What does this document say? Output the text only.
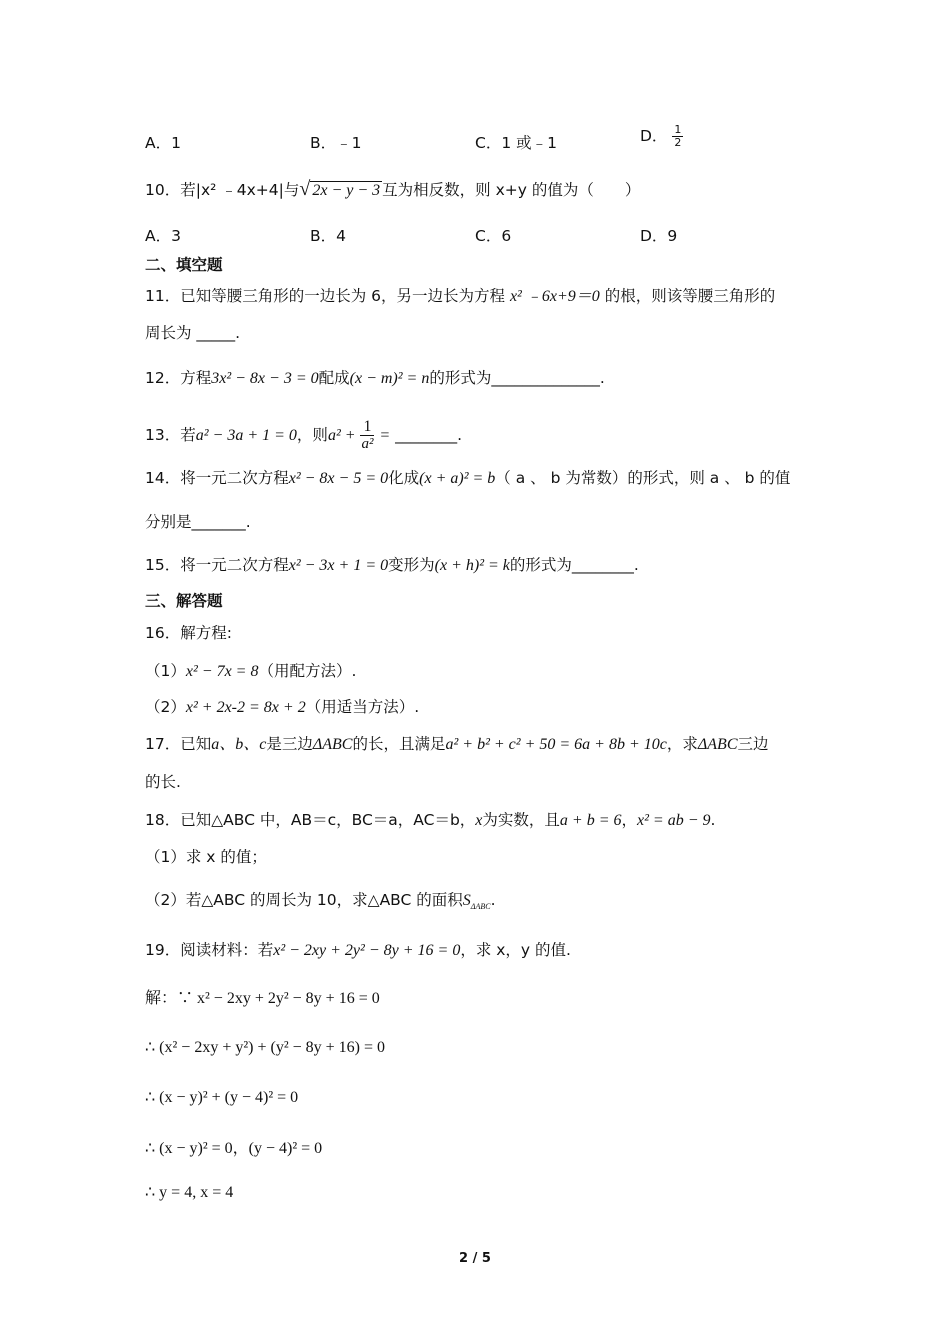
A．1	B．﹣1	C．1 或﹣1	D． $\frac{1}{2}$
10．若|x² ﹣4x+4|与√ 2x − y − 3 互为相反数，则 x+y 的值为（　　）
A．3	B．4	C．6	D．9
二、填空题
11．已知等腰三角形的一边长为 6，另一边长为方程 x² ﹣6x+9＝0 的根，则该等腰三角形的
周长为 _____.
12．方程3x² − 8x − 3 = 0配成(x − m)² = n的形式为______________.
13．若a² − 3a + 1 = 0，则$a^2 + \frac{1}{\text{a²}}$ = ________.
14．将一元二次方程x² − 8x − 5 = 0化成(x + a)² = b（ a 、 b 为常数）的形式，则 a 、 b 的值
分别是_______.
15．将一元二次方程x² − 3x + 1 = 0变形为(x + h)² = k的形式为________.
三、解答题
16．解方程:
（1）x² − 7x = 8（用配方法）.
（2）x² + 2x-2 = 8x + 2（用适当方法）.
17．已知a、b、c是三边ΔABC的长，且满足a² + b² + c² + 50 = 6a + 8b + 10c，求ΔABC三边
的长.
18．已知△ABC 中，AB＝c，BC＝a，AC＝b，x为实数，且a + b = 6，x² = ab − 9.
（1）求 x 的值；
（2）若△ABC 的周长为 10，求△ABC 的面积$S_{\Delta ABC}$.
19．阅读材料：若x² − 2xy + 2y² − 8y + 16 = 0，求 x，y 的值.
解：∵ x² − 2xy + 2y² − 8y + 16 = 0
∴ (x² − 2xy + y²) + (y² − 8y + 16) = 0
∴ (x − y)² + (y − 4)² = 0
∴ (x − y)² = 0，(y − 4)² = 0
∴ y = 4, x = 4
2 / 5
